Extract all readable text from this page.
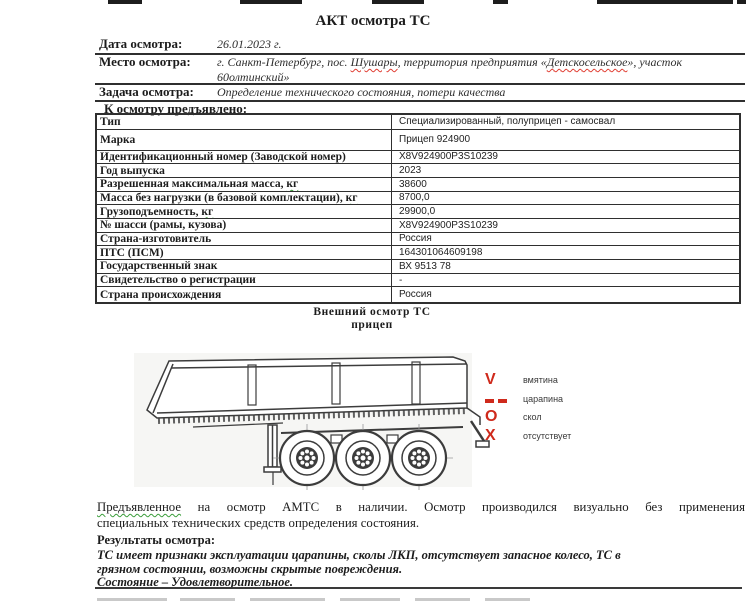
АКТ осмотра ТС
Дата осмотра:	26.01.2023 г.
Место осмотра:	г. Санкт-Петербург, пос. Шушары, территория предприятия «Детскосельское», участок
60олтинский»
Задача осмотра:	Определение технического состояния, потери качества
К осмотру предъявлено:
Тип	Специализированный, полуприцеп - самосвал
Марка	Прицеп 924900
Идентификационный номер (Заводской номер)	X8V924900P3S10239
Год выпуска	2023
Разрешенная максимальная масса, кг	38600
Масса без нагрузки (в базовой комплектации), кг	8700,0
Грузоподъемность, кг	29900,0
№ шасси (рамы, кузова)	X8V924900P3S10239
Страна-изготовитель	Россия
ПТС (ПСМ)	164301064609198
Государственный знак	ВХ 9513 78
Свидетельство о регистрации	-
Страна происхождения	Россия
Внешний осмотр ТС
прицеп
V	вмятина
царапина
O	скол
X	отсутствует
Предъявленное на осмотр АМТС в наличии. Осмотр производился визуально без применения
специальных технических средств определения состояния.
Результаты осмотра:
ТС имеет признаки эксплуатации царапины, сколы ЛКП, отсутствует запасное колесо, ТС в
грязном состоянии, возможны скрытые повреждения.
Состояние – Удовлетворительное.
